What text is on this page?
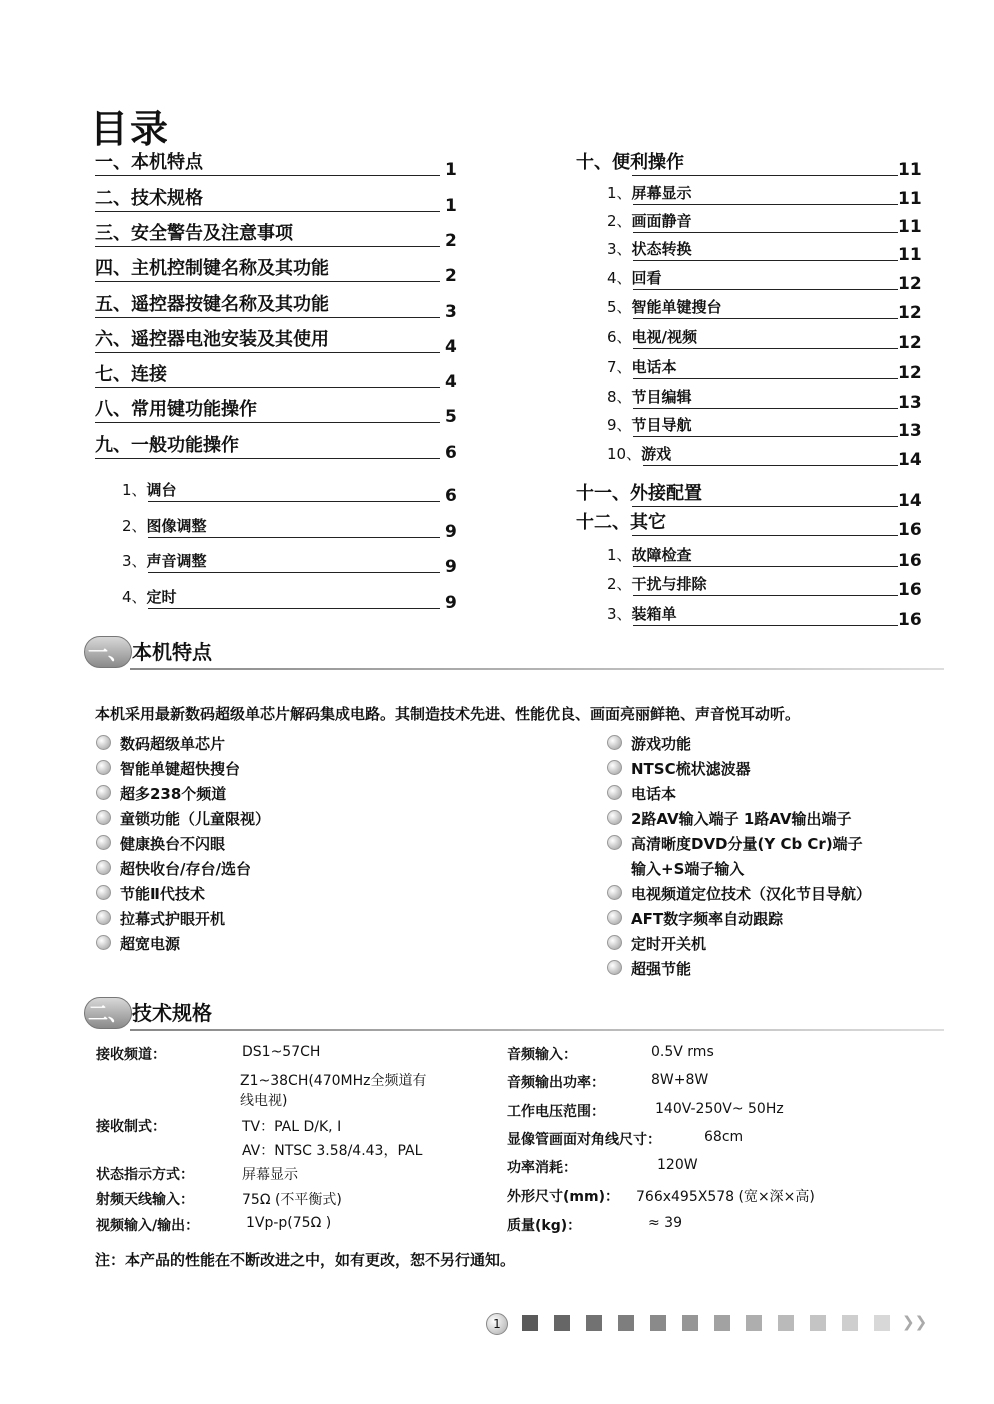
目录
一、本机特点	1
二、技术规格	1
三、安全警告及注意事项	2
四、主机控制键名称及其功能	2
五、遥控器按键名称及其功能	3
六、遥控器电池安装及其使用	4
七、连接	4
八、常用键功能操作	5
九、一般功能操作	6
1、调台	6
2、图像调整	9
3、声音调整	9
4、定时	9
十、便利操作	11
1、屏幕显示	11
2、画面静音	11
3、状态转换	11
4、回看	12
5、智能单键搜台	12
6、电视/视频	12
7、电话本	12
8、节目编辑	13
9、节目导航	13
10、游戏	14
十一、外接配置	14
十二、其它	16
1、故障检查	16
2、干扰与排除	16
3、装箱单	16
一、 本机特点
本机采用最新数码超级单芯片解码集成电路。其制造技术先进、性能优良、画面亮丽鲜艳、声音悦耳动听。
数码超级单芯片
智能单键超快搜台
超多238个频道
童锁功能（儿童限视）
健康换台不闪眼
超快收台/存台/选台
节能Ⅱ代技术
拉幕式护眼开机
超宽电源
游戏功能
NTSC梳状滤波器
电话本
2路AV输入端子 1路AV输出端子
高清晰度DVD分量(Y Cb Cr)端子
输入+S端子输入
电视频道定位技术（汉化节目导航）
AFT数字频率自动跟踪
定时开关机
超强节能
二、 技术规格
接收频道：	DS1~57CH
Z1~38CH(470MHz全频道有
线电视)
接收制式：	TV：PAL D/K, I
AV：NTSC 3.58/4.43，PAL
状态指示方式：	屏幕显示
射频天线输入：	75Ω (不平衡式)
视频输入/输出：	1Vp-p(75Ω )
音频输入：	0.5V rms
音频输出功率：	8W+8W
工作电压范围：	140V-250V~ 50Hz
显像管画面对角线尺寸：	68cm
功率消耗：	120W
外形尺寸(mm)： 766x495X578 (宽×深×高)
质量(kg)：	≈ 39
注：本产品的性能在不断改进之中，如有更改，恕不另行通知。
1	❯❯
